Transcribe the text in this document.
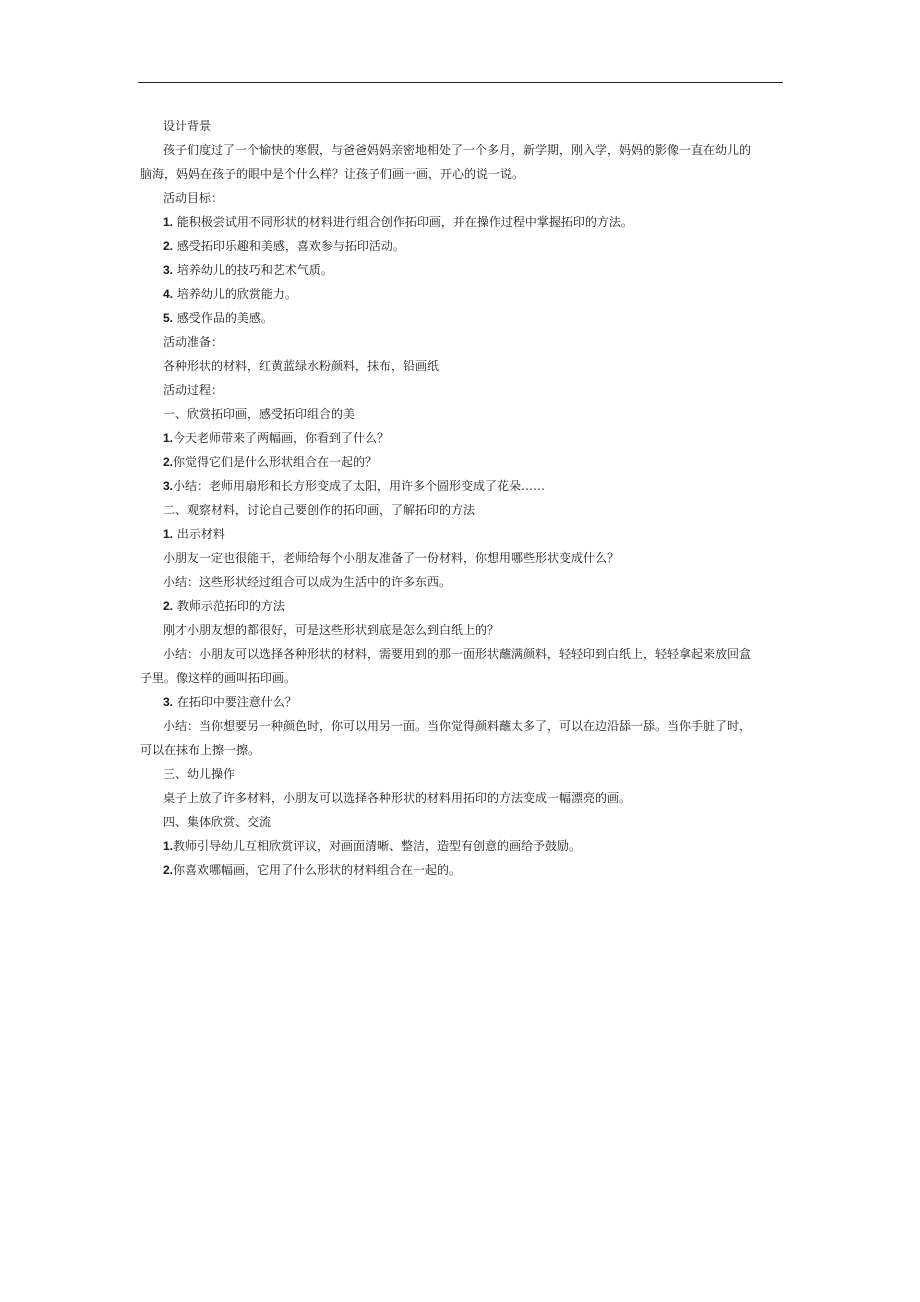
设计背景
孩子们度过了一个愉快的寒假，与爸爸妈妈亲密地相处了一个多月，新学期，刚入学，妈妈的影像一直在幼儿的脑海，妈妈在孩子的眼中是个什么样？让孩子们画一画，开心的说一说。
活动目标：
1. 能积极尝试用不同形状的材料进行组合创作拓印画，并在操作过程中掌握拓印的方法。
2. 感受拓印乐趣和美感，喜欢参与拓印活动。
3. 培养幼儿的技巧和艺术气质。
4. 培养幼儿的欣赏能力。
5. 感受作品的美感。
活动准备：
各种形状的材料，红黄蓝绿水粉颜料，抹布，铅画纸
活动过程：
一、欣赏拓印画，感受拓印组合的美
1.今天老师带来了两幅画，你看到了什么？
2.你觉得它们是什么形状组合在一起的？
3.小结：老师用扇形和长方形变成了太阳，用许多个圆形变成了花朵……
二、观察材料，讨论自己要创作的拓印画，了解拓印的方法
1. 出示材料
小朋友一定也很能干，老师给每个小朋友准备了一份材料，你想用哪些形状变成什么？
小结：这些形状经过组合可以成为生活中的许多东西。
2. 教师示范拓印的方法
刚才小朋友想的都很好，可是这些形状到底是怎么到白纸上的？
小结：小朋友可以选择各种形状的材料，需要用到的那一面形状蘸满颜料，轻轻印到白纸上，轻轻拿起来放回盒子里。像这样的画叫拓印画。
3. 在拓印中要注意什么？
小结：当你想要另一种颜色时，你可以用另一面。当你觉得颜料蘸太多了，可以在边沿舔一舔。当你手脏了时，可以在抹布上擦一擦。
三、幼儿操作
桌子上放了许多材料，小朋友可以选择各种形状的材料用拓印的方法变成一幅漂亮的画。
四、集体欣赏、交流
1.教师引导幼儿互相欣赏评议，对画面清晰、整洁，造型有创意的画给予鼓励。
2.你喜欢哪幅画，它用了什么形状的材料组合在一起的。
